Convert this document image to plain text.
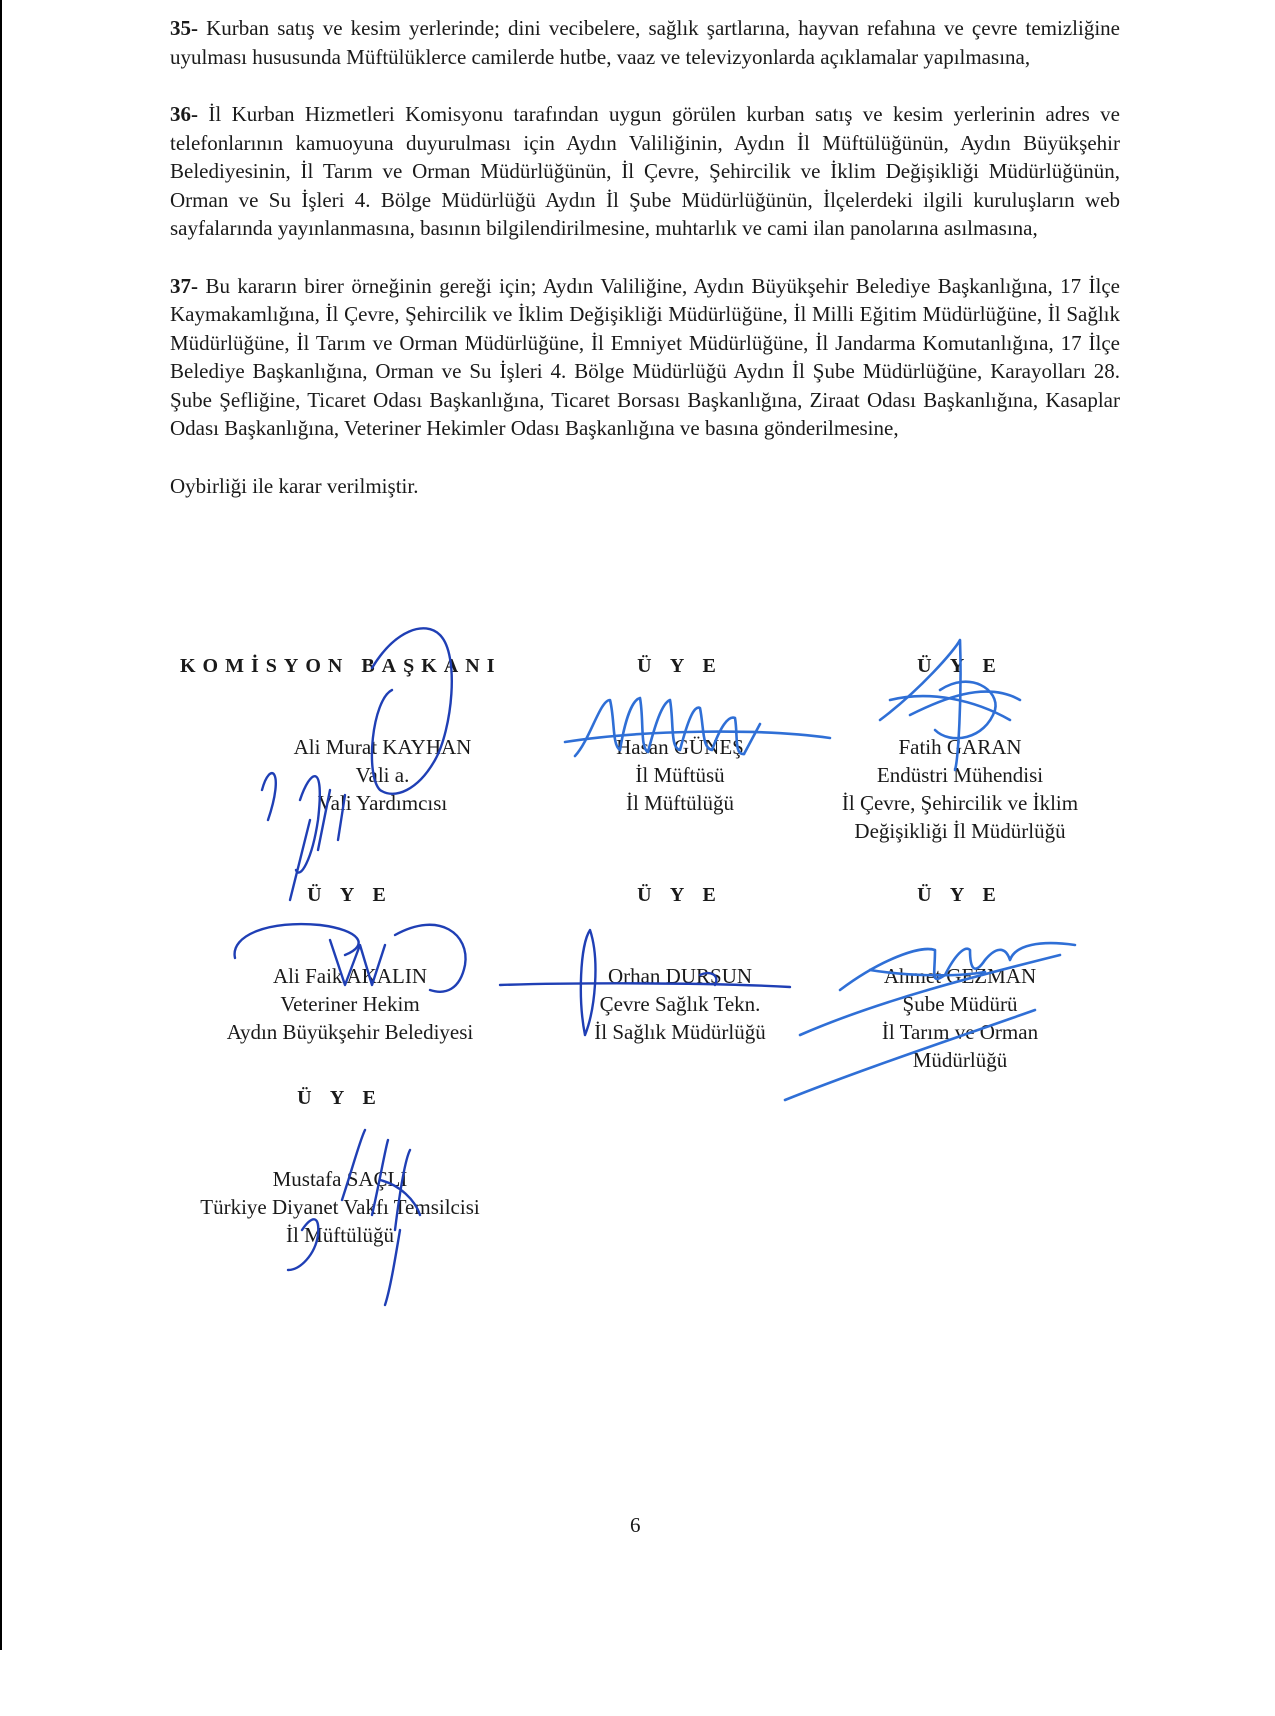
35- Kurban satış ve kesim yerlerinde; dini vecibelere, sağlık şartlarına, hayvan refahına ve çevre temizliğine uyulması hususunda Müftülüklerce camilerde hutbe, vaaz ve televizyonlarda açıklamalar yapılmasına,

36- İl Kurban Hizmetleri Komisyonu tarafından uygun görülen kurban satış ve kesim yerlerinin adres ve telefonlarının kamuoyuna duyurulması için Aydın Valiliğinin, Aydın İl Müftülüğünün, Aydın Büyükşehir Belediyesinin, İl Tarım ve Orman Müdürlüğünün, İl Çevre, Şehircilik ve İklim Değişikliği Müdürlüğünün, Orman ve Su İşleri 4. Bölge Müdürlüğü Aydın İl Şube Müdürlüğünün, İlçelerdeki ilgili kuruluşların web sayfalarında yayınlanmasına, basının bilgilendirilmesine, muhtarlık ve cami ilan panolarına asılmasına,

37- Bu kararın birer örneğinin gereği için; Aydın Valiliğine, Aydın Büyükşehir Belediye Başkanlığına, 17 İlçe Kaymakamlığına, İl Çevre, Şehircilik ve İklim Değişikliği Müdürlüğüne, İl Milli Eğitim Müdürlüğüne, İl Sağlık Müdürlüğüne, İl Tarım ve Orman Müdürlüğüne, İl Emniyet Müdürlüğüne, İl Jandarma Komutanlığına, 17 İlçe Belediye Başkanlığına, Orman ve Su İşleri 4. Bölge Müdürlüğü Aydın İl Şube Müdürlüğüne, Karayolları 28. Şube Şefliğine, Ticaret Odası Başkanlığına, Ticaret Borsası Başkanlığına, Ziraat Odası Başkanlığına, Kasaplar Odası Başkanlığına, Veteriner Hekimler Odası Başkanlığına ve basına gönderilmesine,

Oybirliği ile karar verilmiştir.

KOMİSYON BAŞKANI
Ali Murat KAYHAN
Vali a.
Vali Yardımcısı
Ü Y E
Hasan GÜNEŞ
İl Müftüsü
İl Müftülüğü
Ü Y E
Fatih GARAN
Endüstri Mühendisi
İl Çevre, Şehircilik ve İklim
Değişikliği İl Müdürlüğü
Ü Y E
Ali Faik AKALIN
Veteriner Hekim
Aydın Büyükşehir Belediyesi
Ü Y E
Orhan DURSUN
Çevre Sağlık Tekn.
İl Sağlık Müdürlüğü
Ü Y E
Ahmet GEZMAN
Şube Müdürü
İl Tarım ve Orman
Müdürlüğü
Ü Y E
Mustafa SAÇLI
Türkiye Diyanet Vakfı Temsilcisi
İl Müftülüğü
6
